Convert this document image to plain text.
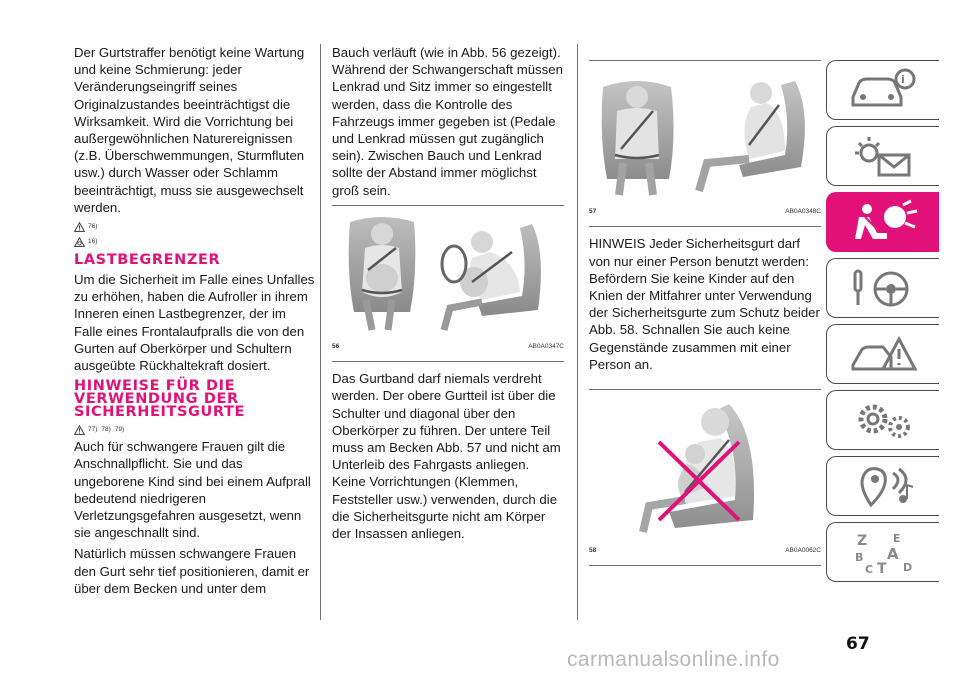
Der Gurtstraffer benötigt keine Wartung und keine Schmierung: jeder Veränderungseingriff seines Originalzustandes beeinträchtigst die Wirksamkeit. Wird die Vorrichtung bei außergewöhnlichen Naturereignissen (z.B. Überschwemmungen, Sturmfluten usw.) durch Wasser oder Schlamm beeinträchtigt, muss sie ausgewechselt werden.

76)
16)
LASTBEGRENZER

Um die Sicherheit im Falle eines Unfalles zu erhöhen, haben die Aufroller in ihrem Inneren einen Lastbegrenzer, der im Falle eines Frontalaufpralls die von den Gurten auf Oberkörper und Schultern ausgeübte Rückhaltekraft dosiert.

HINWEISE FÜR DIE VERWENDUNG DER SICHERHEITSGURTE
77) 78) 79)

Auch für schwangere Frauen gilt die Anschnallpflicht. Sie und das ungeborene Kind sind bei einem Aufprall bedeutend niedrigeren Verletzungsgefahren ausgesetzt, wenn sie angeschnallt sind.

Natürlich müssen schwangere Frauen den Gurt sehr tief positionieren, damit er über dem Becken und unter dem

Bauch verläuft (wie in Abb. 56 gezeigt). Während der Schwangerschaft müssen Lenkrad und Sitz immer so eingestellt werden, dass die Kontrolle des Fahrzeugs immer gegeben ist (Pedale und Lenkrad müssen gut zugänglich sein). Zwischen Bauch und Lenkrad sollte der Abstand immer möglichst groß sein.

56	AB0A0347C

Das Gurtband darf niemals verdreht werden. Der obere Gurtteil ist über die Schulter und diagonal über den Oberkörper zu führen. Der untere Teil muss am Becken Abb. 57 und nicht am Unterleib des Fahrgasts anliegen. Keine Vorrichtungen (Klemmen, Feststeller usw.) verwenden, durch die die Sicherheitsgurte nicht am Körper der Insassen anliegen.

57	AB0A0348C

HINWEIS Jeder Sicherheitsgurt darf von nur einer Person benutzt werden: Befördern Sie keine Kinder auf den Knien der Mitfahrer unter Verwendung der Sicherheitsgurte zum Schutz beider Abb. 58. Schnallen Sie auch keine Gegenstände zusammen mit einer Person an.

58	AB0A0062C
i
Z E
B A
C T D
67
carmanualsonline.info
